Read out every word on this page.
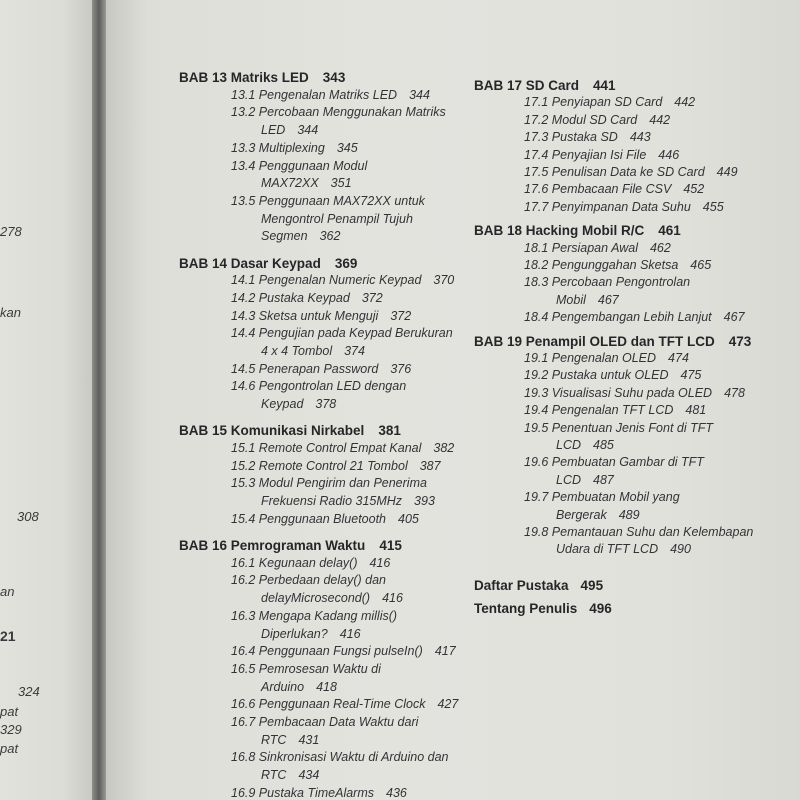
278
kan
308
an
21
324
pat
329
pat
BAB 13 Matriks LED 343
13.1 Pengenalan Matriks LED 344
13.2 Percobaan Menggunakan Matriks
LED 344
13.3 Multiplexing 345
13.4 Penggunaan Modul
MAX72XX 351
13.5 Penggunaan MAX72XX untuk
Mengontrol Penampil Tujuh
Segmen 362
BAB 14 Dasar Keypad 369
14.1 Pengenalan Numeric Keypad 370
14.2 Pustaka Keypad 372
14.3 Sketsa untuk Menguji 372
14.4 Pengujian pada Keypad Berukuran
4 x 4 Tombol 374
14.5 Penerapan Password 376
14.6 Pengontrolan LED dengan
Keypad 378
BAB 15 Komunikasi Nirkabel 381
15.1 Remote Control Empat Kanal 382
15.2 Remote Control 21 Tombol 387
15.3 Modul Pengirim dan Penerima
Frekuensi Radio 315MHz 393
15.4 Penggunaan Bluetooth 405
BAB 16 Pemrograman Waktu 415
16.1 Kegunaan delay() 416
16.2 Perbedaan delay() dan
delayMicrosecond() 416
16.3 Mengapa Kadang millis()
Diperlukan? 416
16.4 Penggunaan Fungsi pulseIn() 417
16.5 Pemrosesan Waktu di
Arduino 418
16.6 Penggunaan Real-Time Clock 427
16.7 Pembacaan Data Waktu dari
RTC 431
16.8 Sinkronisasi Waktu di Arduino dan
RTC 434
16.9 Pustaka TimeAlarms 436
BAB 17 SD Card 441
17.1 Penyiapan SD Card 442
17.2 Modul SD Card 442
17.3 Pustaka SD 443
17.4 Penyajian Isi File 446
17.5 Penulisan Data ke SD Card 449
17.6 Pembacaan File CSV 452
17.7 Penyimpanan Data Suhu 455
BAB 18 Hacking Mobil R/C 461
18.1 Persiapan Awal 462
18.2 Pengunggahan Sketsa 465
18.3 Percobaan Pengontrolan
Mobil 467
18.4 Pengembangan Lebih Lanjut 467
BAB 19 Penampil OLED dan TFT LCD 473
19.1 Pengenalan OLED 474
19.2 Pustaka untuk OLED 475
19.3 Visualisasi Suhu pada OLED 478
19.4 Pengenalan TFT LCD 481
19.5 Penentuan Jenis Font di TFT
LCD 485
19.6 Pembuatan Gambar di TFT
LCD 487
19.7 Pembuatan Mobil yang
Bergerak 489
19.8 Pemantauan Suhu dan Kelembapan
Udara di TFT LCD 490
Daftar Pustaka 495
Tentang Penulis 496
